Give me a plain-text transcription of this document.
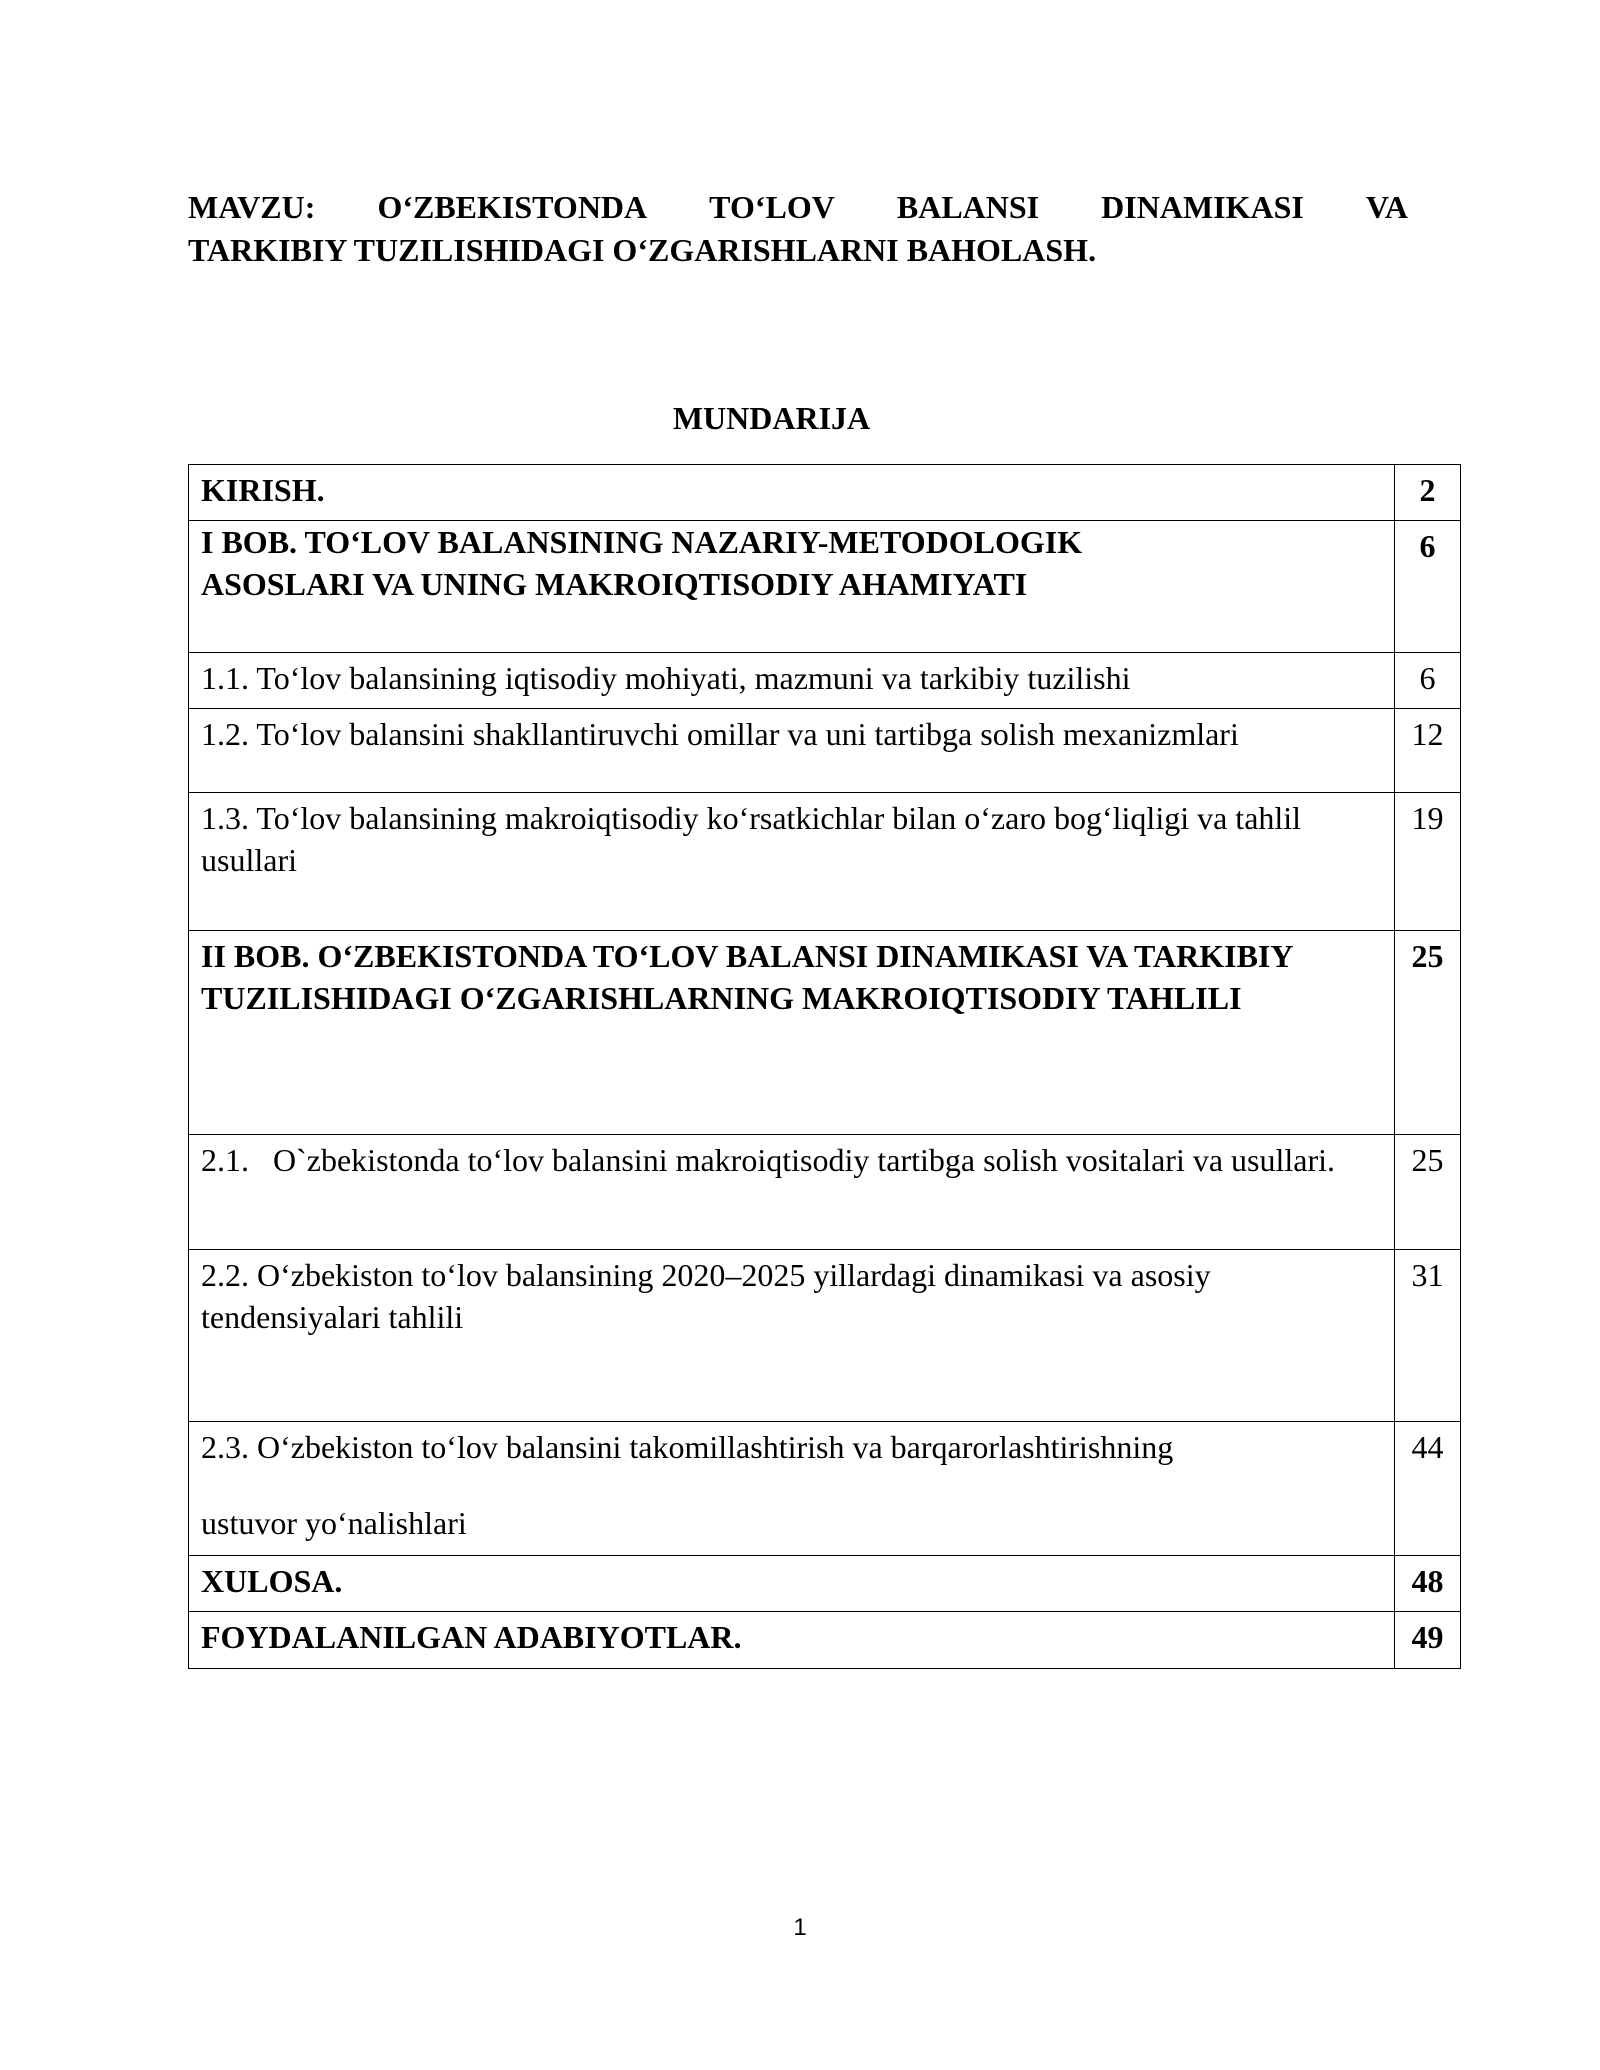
MAVZU: O‘ZBEKISTONDA TO‘LOV BALANSI DINAMIKASI VA
TARKIBIY TUZILISHIDAGI O‘ZGARISHLARNI BAHOLASH.
MUNDARIJA
KIRISH.	2

I BOB. TO‘LOV BALANSINING NAZARIY-METODOLOGIK
ASOSLARI VA UNING MAKROIQTISODIY AHAMIYATI	6
1.1. To‘lov balansining iqtisodiy mohiyati, mazmuni va tarkibiy tuzilishi	6
1.2. To‘lov balansini shakllantiruvchi omillar va uni tartibga solish mexanizmlari	12
1.3. To‘lov balansining makroiqtisodiy ko‘rsatkichlar bilan o‘zaro bog‘liqligi va tahlil usullari	19
II BOB. O‘ZBEKISTONDA TO‘LOV BALANSI DINAMIKASI VA TARKIBIY TUZILISHIDAGI O‘ZGARISHLARNING MAKROIQTISODIY TAHLILI	25
2.1.   O`zbekistonda to‘lov balansini makroiqtisodiy tartibga solish vositalari va usullari.	25
2.2. O‘zbekiston to‘lov balansining 2020–2025 yillardagi dinamikasi va asosiy tendensiyalari tahlili	31

2.3. O‘zbekiston to‘lov balansini takomillashtirish va barqarorlashtirishning
ustuvor yo‘nalishlari	44
XULOSA.	48
FOYDALANILGAN ADABIYOTLAR.	49
1
